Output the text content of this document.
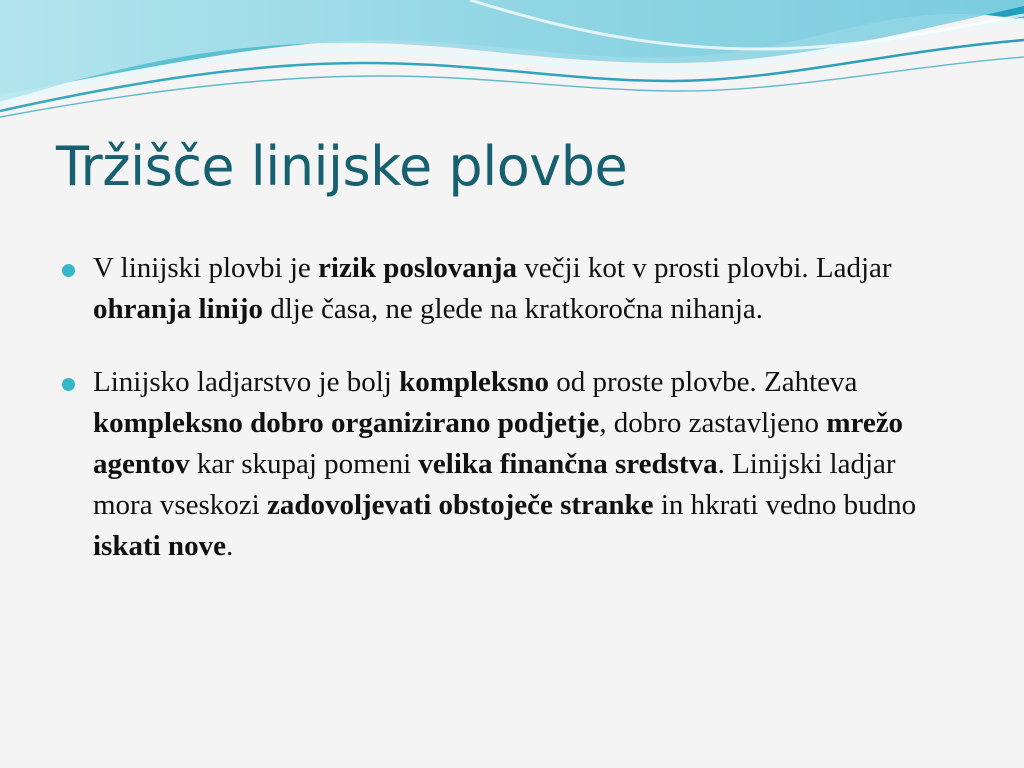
Tržišče linijske plovbe
V linijski plovbi je rizik poslovanja večji kot v prosti plovbi. Ladjar ohranja linijo dlje časa, ne glede na kratkoročna nihanja.
Linijsko ladjarstvo je bolj kompleksno od proste plovbe. Zahteva kompleksno dobro organizirano podjetje, dobro zastavljeno mrežo agentov kar skupaj pomeni velika finančna sredstva. Linijski ladjar mora vseskozi zadovoljevati obstoječe stranke in hkrati vedno budno iskati nove.
